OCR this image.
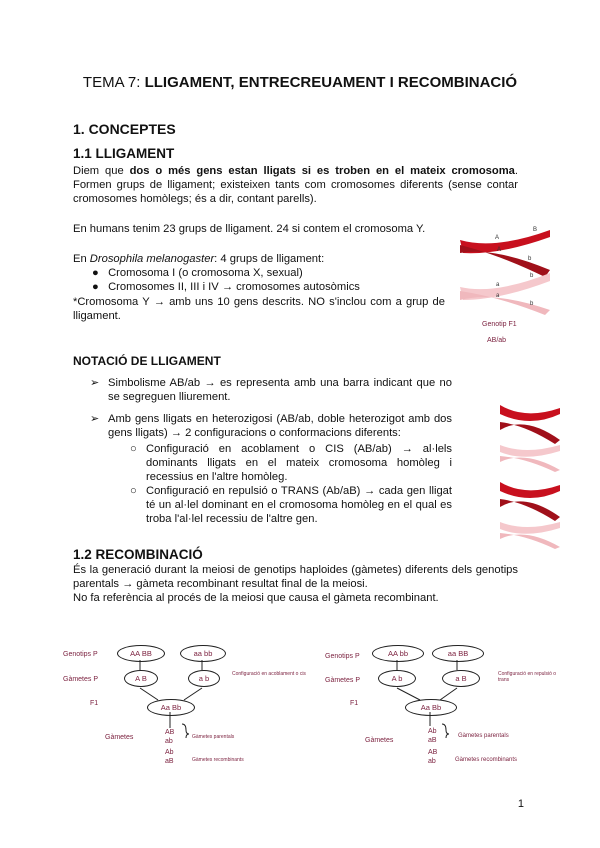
TEMA 7: LLIGAMENT, ENTRECREUAMENT I RECOMBINACIÓ
1. CONCEPTES
1.1 LLIGAMENT
Diem que dos o més gens estan lligats si es troben en el mateix cromosoma. Formen grups de lligament; existeixen tants com cromosomes diferents (sense contar cromosomes homòlegs; és a dir, contant parells).
En humans tenim 23 grups de lligament. 24 si contem el cromosoma Y.
En Drosophila melanogaster: 4 grups de lligament:
●   Cromosoma I (o cromosoma X, sexual)
●   Cromosomes II, III i IV → cromosomes autosòmics
*Cromosoma Y → amb uns 10 gens descrits. NO s'inclou com a grup de lligament.
A
B
A
b
a
b
a
b
Genotip F1
AB/ab
NOTACIÓ DE LLIGAMENT
➢ Simbolisme AB/ab → es representa amb una barra indicant que no se segreguen lliurement.
➢ Amb gens lligats en heterozigosi (AB/ab, doble heterozigot amb dos gens lligats) → 2 configuracions o conformacions diferents:
○ Configuració en acoblament o CIS (AB/ab) → al·lels dominants lligats en el mateix cromosoma homòleg i recessius en l'altre homòleg.
○ Configuració en repulsió o TRANS (Ab/aB) → cada gen lligat té un al·lel dominant en el cromosoma homòleg en el qual es troba l'al·lel recessiu de l'altre gen.
1.2 RECOMBINACIÓ
És la generació durant la meiosi de genotips haploides (gàmetes) diferents dels genotips parentals → gàmeta recombinant resultat final de la meiosi.
No fa referència al procés de la meiosi que causa el gàmeta recombinant.
Genotips P
Gàmetes P
F1
Gàmetes
AA BB	aa bb
A B	a b
Aa Bb
Configuració en acoblament o cis
AB
ab
Gàmetes parentals
Ab
aB	Gàmetes recombinants
Genotips P
Gàmetes P
F1
Gàmetes
AA bb	aa BB
A b	a B
Aa Bb
Configuració en repulsió o trans
Ab
aB
Gàmetes parentals
AB
ab	Gàmetes recombinants
1
